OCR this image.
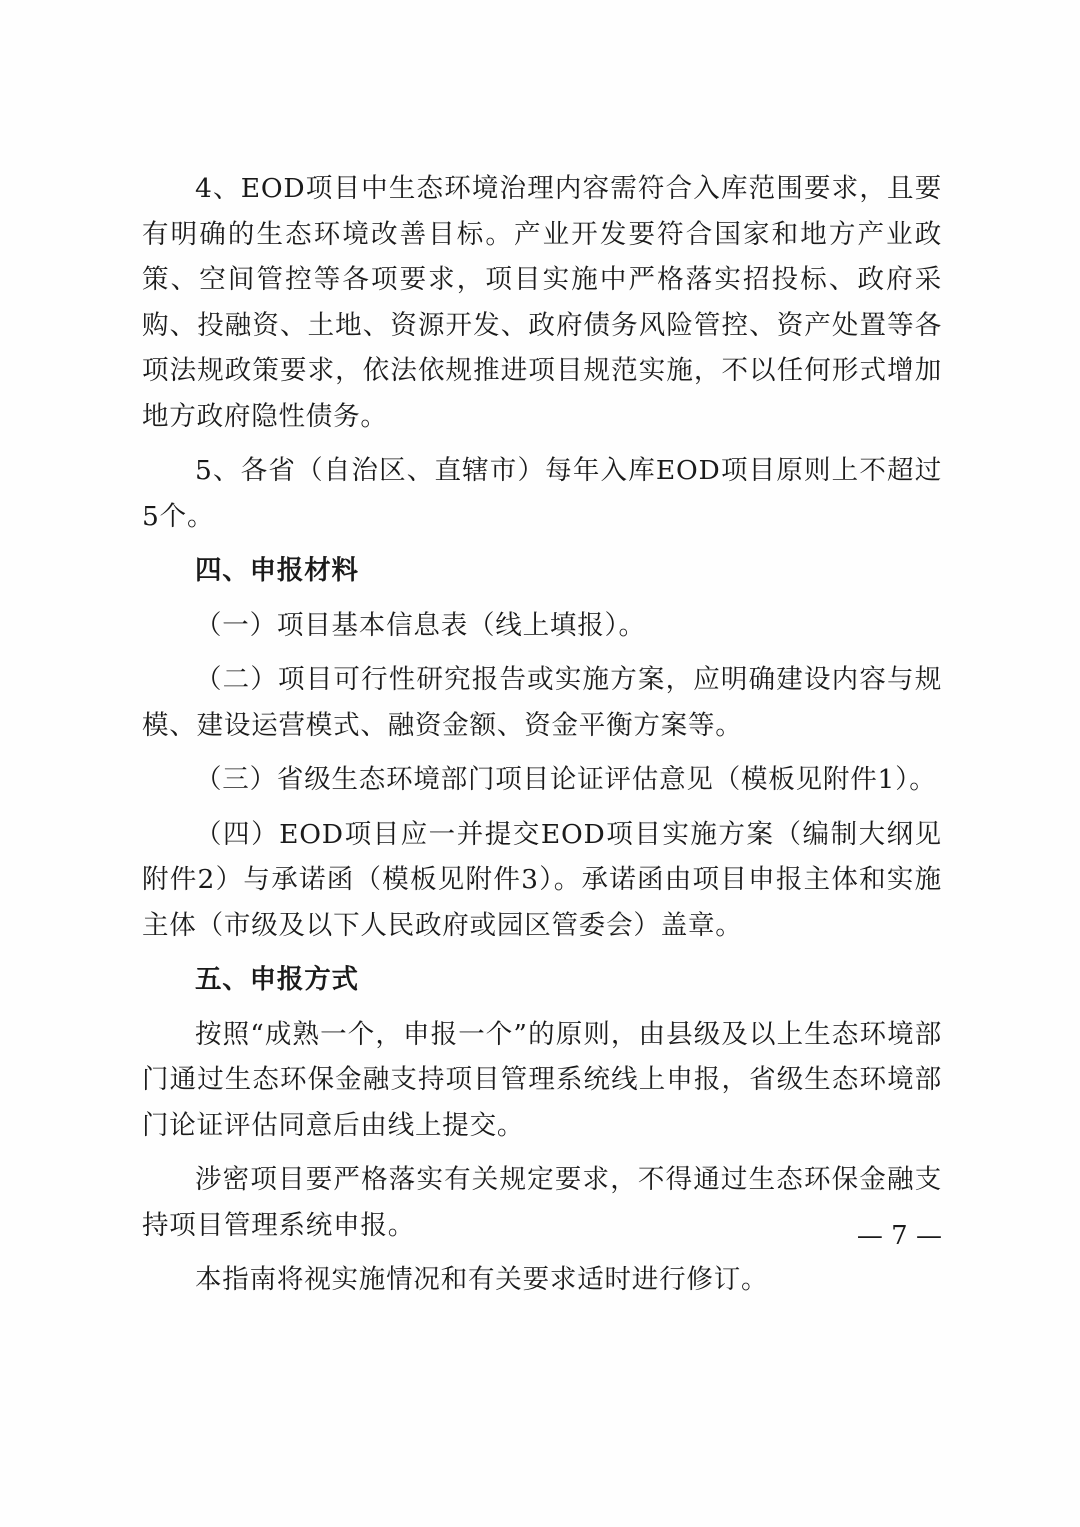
4、EOD项目中生态环境治理内容需符合入库范围要求，且要有明确的生态环境改善目标。产业开发要符合国家和地方产业政策、空间管控等各项要求，项目实施中严格落实招投标、政府采购、投融资、土地、资源开发、政府债务风险管控、资产处置等各项法规政策要求，依法依规推进项目规范实施，不以任何形式增加地方政府隐性债务。

5、各省（自治区、直辖市）每年入库EOD项目原则上不超过5个。

四、申报材料

（一）项目基本信息表（线上填报）。

（二）项目可行性研究报告或实施方案，应明确建设内容与规模、建设运营模式、融资金额、资金平衡方案等。

（三）省级生态环境部门项目论证评估意见（模板见附件1）。

（四）EOD项目应一并提交EOD项目实施方案（编制大纲见附件2）与承诺函（模板见附件3）。承诺函由项目申报主体和实施主体（市级及以下人民政府或园区管委会）盖章。

五、申报方式

按照“成熟一个，申报一个”的原则，由县级及以上生态环境部门通过生态环保金融支持项目管理系统线上申报，省级生态环境部门论证评估同意后由线上提交。

涉密项目要严格落实有关规定要求，不得通过生态环保金融支持项目管理系统申报。

本指南将视实施情况和有关要求适时进行修订。

— 7 —
